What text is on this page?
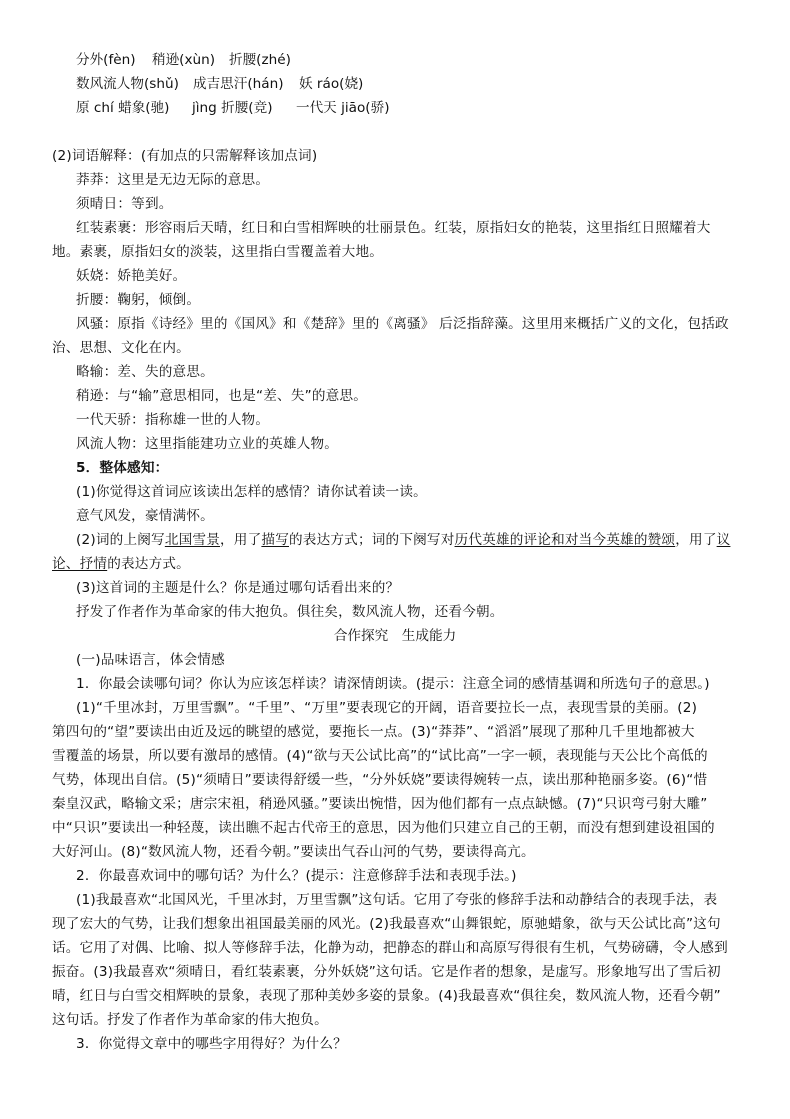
分外(fèn) 稍逊(xùn) 折腰(zhé)
数风流人物(shǔ) 成吉思汗(hán) 妖 ráo(娆)
原 chí 蜡象(驰) jìng 折腰(竞) 一代天 jiāo(骄)
(2)词语解释：(有加点的只需解释该加点词)
莽莽：这里是无边无际的意思。
须晴日：等到。
红装素裹：形容雨后天晴，红日和白雪相辉映的壮丽景色。红装，原指妇女的艳装，这里指红日照耀着大
地。素裹，原指妇女的淡装，这里指白雪覆盖着大地。
妖娆：娇艳美好。
折腰：鞠躬，倾倒。
风骚：原指《诗经》里的《国风》和《楚辞》里的《离骚》 后泛指辞藻。这里用来概括广义的文化，包括政
治、思想、文化在内。
略输：差、失的意思。
稍逊：与“输”意思相同，也是“差、失”的意思。
一代天骄：指称雄一世的人物。
风流人物：这里指能建功立业的英雄人物。
5．整体感知：
(1)你觉得这首词应该读出怎样的感情？请你试着读一读。
意气风发，豪情满怀。
(2)词的上阕写北国雪景，用了描写的表达方式；词的下阕写对历代英雄的评论和对当今英雄的赞颂，用了议
论、抒情的表达方式。
(3)这首词的主题是什么？你是通过哪句话看出来的？
抒发了作者作为革命家的伟大抱负。俱往矣，数风流人物，还看今朝。
合作探究　生成能力
(一)品味语言，体会情感
1．你最会读哪句词？你认为应该怎样读？请深情朗读。(提示：注意全词的感情基调和所选句子的意思。)
(1)“千里冰封，万里雪飘”。“千里”、“万里”要表现它的开阔，语音要拉长一点，表现雪景的美丽。(2)
第四句的“望”要读出由近及远的眺望的感觉，要拖长一点。(3)“莽莽”、“滔滔”展现了那种几千里地都被大
雪覆盖的场景，所以要有激昂的感情。(4)“欲与天公试比高”的“试比高”一字一顿，表现能与天公比个高低的
气势，体现出自信。(5)“须晴日”要读得舒缓一些，“分外妖娆”要读得婉转一点，读出那种艳丽多姿。(6)“惜
秦皇汉武，略输文采；唐宗宋祖，稍逊风骚。”要读出惋惜，因为他们都有一点点缺憾。(7)“只识弯弓射大雕”
中“只识”要读出一种轻蔑，读出瞧不起古代帝王的意思，因为他们只建立自己的王朝，而没有想到建设祖国的
大好河山。(8)“数风流人物，还看今朝。”要读出气吞山河的气势，要读得高亢。
2．你最喜欢词中的哪句话？为什么？(提示：注意修辞手法和表现手法。)
(1)我最喜欢“北国风光，千里冰封，万里雪飘”这句话。它用了夸张的修辞手法和动静结合的表现手法，表
现了宏大的气势，让我们想象出祖国最美丽的风光。(2)我最喜欢“山舞银蛇，原驰蜡象，欲与天公试比高”这句
话。它用了对偶、比喻、拟人等修辞手法，化静为动，把静态的群山和高原写得很有生机，气势磅礴，令人感到
振奋。(3)我最喜欢“须晴日，看红装素裹，分外妖娆”这句话。它是作者的想象，是虚写。形象地写出了雪后初
晴，红日与白雪交相辉映的景象，表现了那种美妙多姿的景象。(4)我最喜欢“俱往矣，数风流人物，还看今朝”
这句话。抒发了作者作为革命家的伟大抱负。
3．你觉得文章中的哪些字用得好？为什么？
